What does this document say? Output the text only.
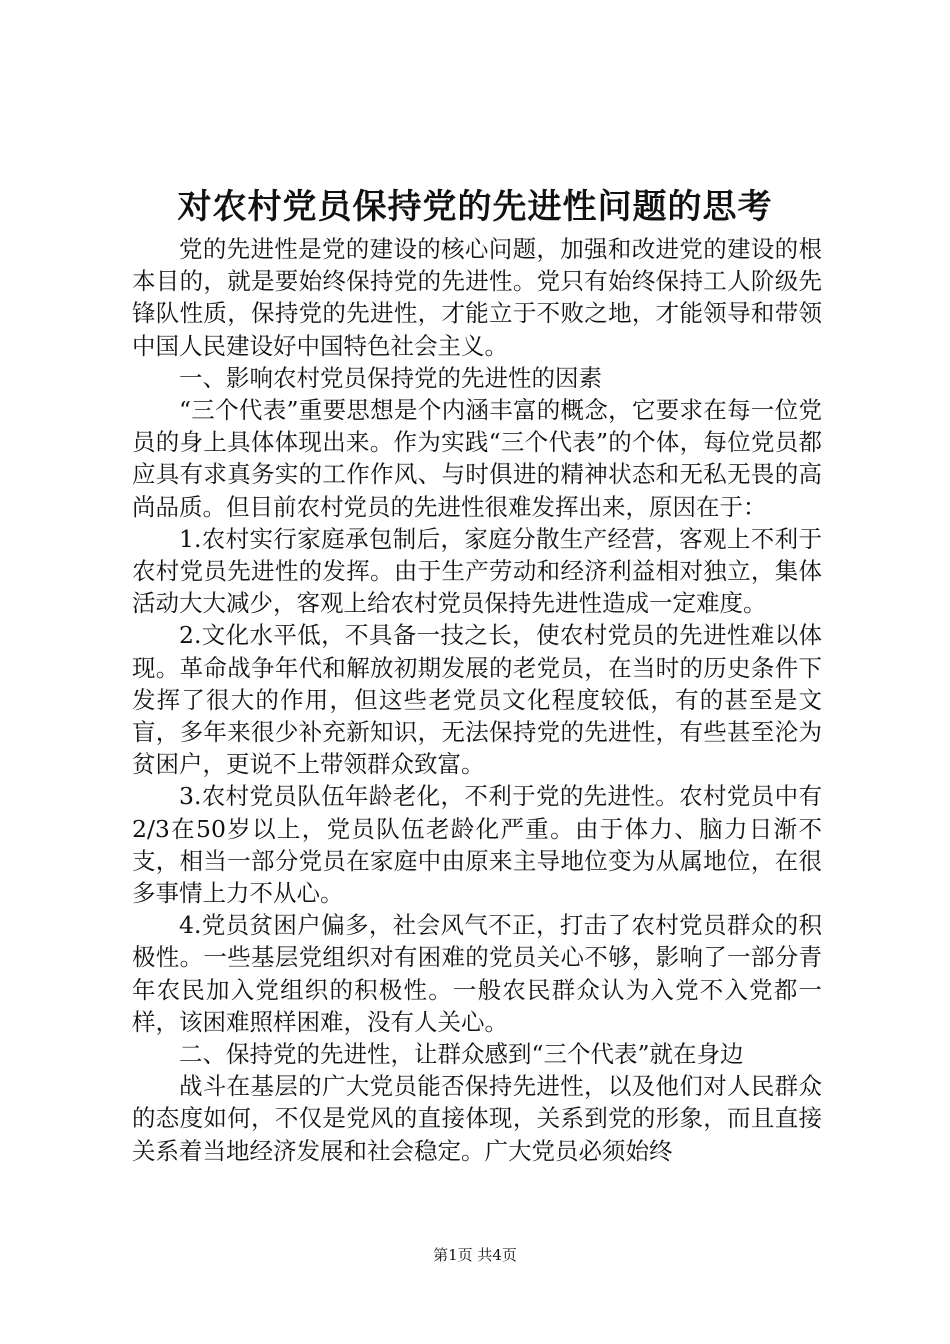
对农村党员保持党的先进性问题的思考

党的先进性是党的建设的核心问题，加强和改进党的建设的根本目的，就是要始终保持党的先进性。党只有始终保持工人阶级先锋队性质，保持党的先进性，才能立于不败之地，才能领导和带领中国人民建设好中国特色社会主义。

一、影响农村党员保持党的先进性的因素

“三个代表”重要思想是个内涵丰富的概念，它要求在每一位党员的身上具体体现出来。作为实践“三个代表”的个体，每位党员都应具有求真务实的工作作风、与时俱进的精神状态和无私无畏的高尚品质。但目前农村党员的先进性很难发挥出来，原因在于：

1.农村实行家庭承包制后，家庭分散生产经营，客观上不利于农村党员先进性的发挥。由于生产劳动和经济利益相对独立，集体活动大大减少，客观上给农村党员保持先进性造成一定难度。

2.文化水平低，不具备一技之长，使农村党员的先进性难以体现。革命战争年代和解放初期发展的老党员，在当时的历史条件下发挥了很大的作用，但这些老党员文化程度较低，有的甚至是文盲，多年来很少补充新知识，无法保持党的先进性，有些甚至沦为贫困户，更说不上带领群众致富。

3.农村党员队伍年龄老化，不利于党的先进性。农村党员中有2/3在50岁以上，党员队伍老龄化严重。由于体力、脑力日渐不支，相当一部分党员在家庭中由原来主导地位变为从属地位，在很多事情上力不从心。

4.党员贫困户偏多，社会风气不正，打击了农村党员群众的积极性。一些基层党组织对有困难的党员关心不够，影响了一部分青年农民加入党组织的积极性。一般农民群众认为入党不入党都一样，该困难照样困难，没有人关心。

二、保持党的先进性，让群众感到“三个代表”就在身边

战斗在基层的广大党员能否保持先进性，以及他们对人民群众的态度如何，不仅是党风的直接体现，关系到党的形象，而且直接关系着当地经济发展和社会稳定。广大党员必须始终

第1页 共4页
